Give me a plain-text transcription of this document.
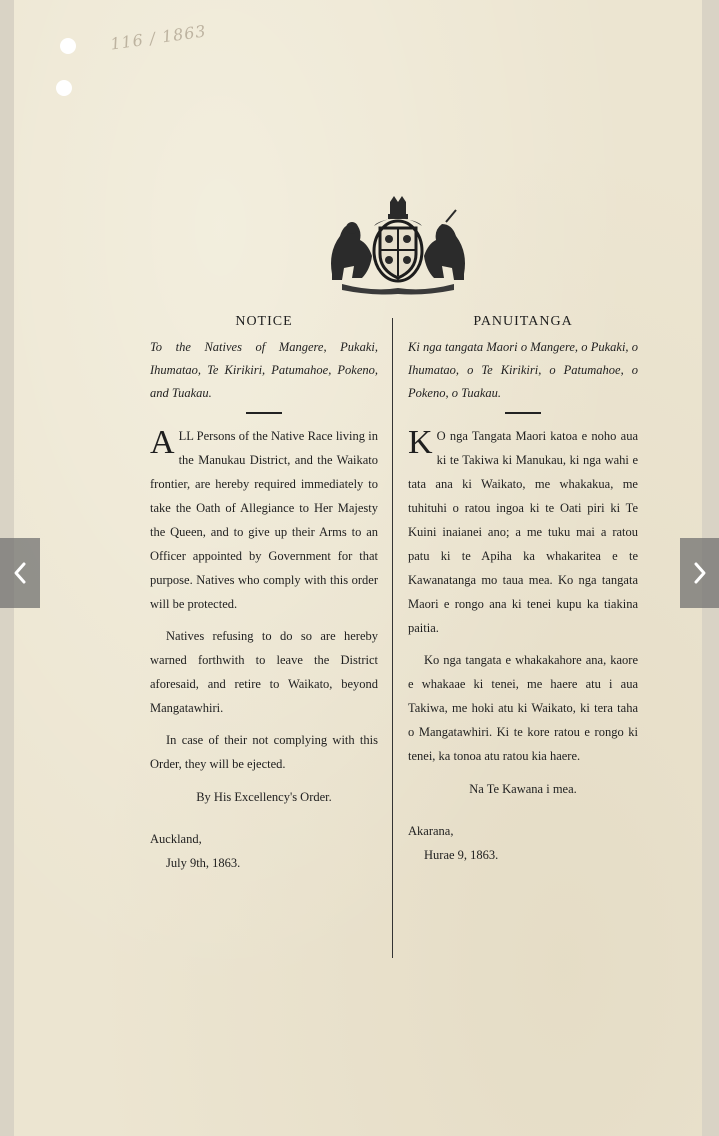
116 / 1863
NOTICE
To the Natives of Mangere, Pukaki, Ihumatao, Te Kirikiri, Patumahoe, Pokeno, and Tuakau.

A LL Persons of the Native Race living in the Manukau District, and the Waikato frontier, are hereby required immediately to take the Oath of Allegiance to Her Majesty the Queen, and to give up their Arms to an Officer appointed by Government for that purpose. Natives who comply with this order will be protected.

Natives refusing to do so are hereby warned forthwith to leave the District aforesaid, and retire to Waikato, beyond Mangatawhiri.

In case of their not complying with this Order, they will be ejected.

By His Excellency's Order.
Auckland,
July 9th, 1863.
PANUITANGA
Ki nga tangata Maori o Mangere, o Pukaki, o Ihumatao, o Te Kirikiri, o Patumahoe, o Pokeno, o Tuakau.

K O nga Tangata Maori katoa e noho aua ki te Takiwa ki Manukau, ki nga wahi e tata ana ki Waikato, me whakakua, me tuhituhi o ratou ingoa ki te Oati piri ki Te Kuini inaianei ano; a me tuku mai a ratou patu ki te Apiha ka whakaritea e te Kawanatanga mo taua mea. Ko nga tangata Maori e rongo ana ki tenei kupu ka tiakina paitia.

Ko nga tangata e whakakahore ana, kaore e whakaae ki tenei, me haere atu i aua Takiwa, me hoki atu ki Waikato, ki tera taha o Mangatawhiri. Ki te kore ratou e rongo ki tenei, ka tonoa atu ratou kia haere.

Na Te Kawana i mea.
Akarana,
Hurae 9, 1863.
